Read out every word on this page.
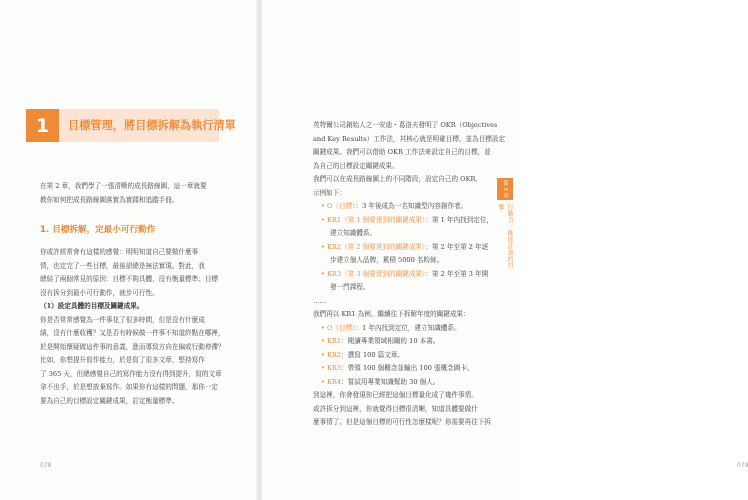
1	目標管理，將目標拆解為執行清單
在第 2 章，我們學了一張清晰的成長路線圖，這一章就要
教你如何把成長路線圖落實為實踐和追蹤手冊。
1. 目標拆解，定最小可行動作
你或許經常會有這樣的感覺：明明知道自己要做什麼事
情，也定完了一些目標，最後卻總是無法實現。對此，我
總結了兩個常見的原因：目標不夠具體，沒有衡量標準；目標
沒有拆分到最小可行動作，就步可行性。
（1）設定具體的目標及關鍵成果。
你是否常常感覺為一件事花了很多時間，但是沒有什麼成
績，沒有什麼收穫？又是否有時候做一件事不知道終點在哪裡，
於是開始懷疑做這件事的意義，進而導致方向在偏或行動停滯？
比如，你想提升寫作能力，於是寫了很多文章，堅持寫作
了 365 天，但總感覺自己的寫作能力沒有得到提升，寫的文章
拿不出手，於是想放棄寫作。如果你有這樣的問題，那你一定
要為自己的目標設定關鍵成果，訂定衡量標準。
078	079
英特爾公司創始人之一安迪・葛洛夫發明了 OKR（Objectives
and Key Results）工作法，其核心就是明確目標，並為目標設定
關鍵成果。我們可以借助 OKR 工作法來設定自己的目標，並
為自己的目標設定關鍵成果。
我們可以在成長路線圖上的不同階段，設定自己的 OKR，
示例如下：
• O（目標）：3 年後成為一名知識型內容創作者。
• KR1（第 1 個要達到的關鍵成果）：第 1 年內找到定位，
建立知識體系。
• KR2（第 2 個要達到的關鍵成果）：第 2 年至第 2 年逐
步建立個人品牌，累積 5000 名粉絲。
• KR3（第 3 個要達到的關鍵成果）：第 2 年至第 3 年開
發一門課程。
……
我們再以 KR1 為例，繼續往下拆解年度的關鍵成果：
• O（目標）：1 年內找到定位，建立知識體系。
• KR1：閱讀專業領域相關的 10 本書。
• KR2：撰寫 100 篇文章。
• KR3：帶領 100 個概念並輸出 100 張概念圖卡。
• KR4：嘗試用專業知識幫助 30 個人。
到這裡，你會發現你已經把這個目標量化成了幾件事情。
或許拆分到這裡，你就覺得目標很清晰，知道具體要做什
麼事情了。但是這個目標的可行性怎麼樣呢？你需要再往下拆
第 3 章
行動力：推進計畫的引擎
